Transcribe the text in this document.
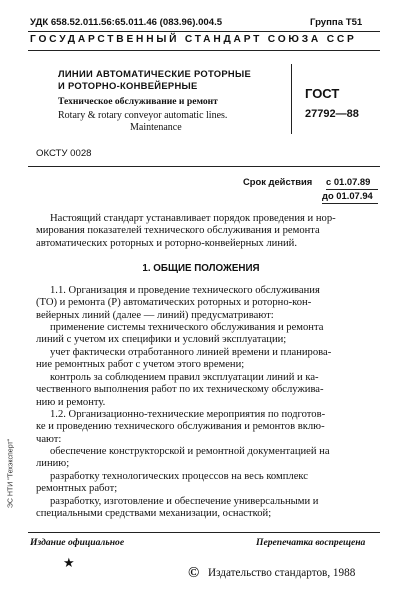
УДК 658.52.011.56:65.011.46 (083.96).004.5	Группа Т51
ГОСУДАРСТВЕННЫЙ СТАНДАРТ СОЮЗА ССР
ЛИНИИ АВТОМАТИЧЕСКИЕ РОТОРНЫЕ
И РОТОРНО-КОНВЕЙЕРНЫЕ
Техническое обслуживание и ремонт
Rotary & rotary conveyor automatic lines.
Maintenance
ГОСТ
27792—88
ОКСТУ 0028
Срок действия с 01.07.89
до 01.07.94
Настоящий стандарт устанавливает порядок проведения и нор-
мирования показателей технического обслуживания и ремонта
автоматических роторных и роторно-конвейерных линий.
1. ОБЩИЕ ПОЛОЖЕНИЯ
1.1. Организация и проведение технического обслуживания
(ТО) и ремонта (Р) автоматических роторных и роторно-кон-
вейерных линий (далее — линий) предусматривают:
применение системы технического обслуживания и ремонта
линий с учетом их специфики и условий эксплуатации;
учет фактически отработанного линией времени и планирова-
ние ремонтных работ с учетом этого времени;
контроль за соблюдением правил эксплуатации линий и ка-
чественного выполнения работ по их техническому обслужива-
нию и ремонту.
1.2. Организационно-технические мероприятия по подготов-
ке и проведению технического обслуживания и ремонтов вклю-
чают:
обеспечение конструкторской и ремонтной документацией на
линию;
разработку технологических процессов на весь комплекс
ремонтных работ;
разработку, изготовление и обеспечение универсальными и
специальными средствами механизации, оснасткой;
ЭС НТИ "Техэксперт"
Издание официальное	Перепечатка воспрещена
★
© Издательство стандартов, 1988
